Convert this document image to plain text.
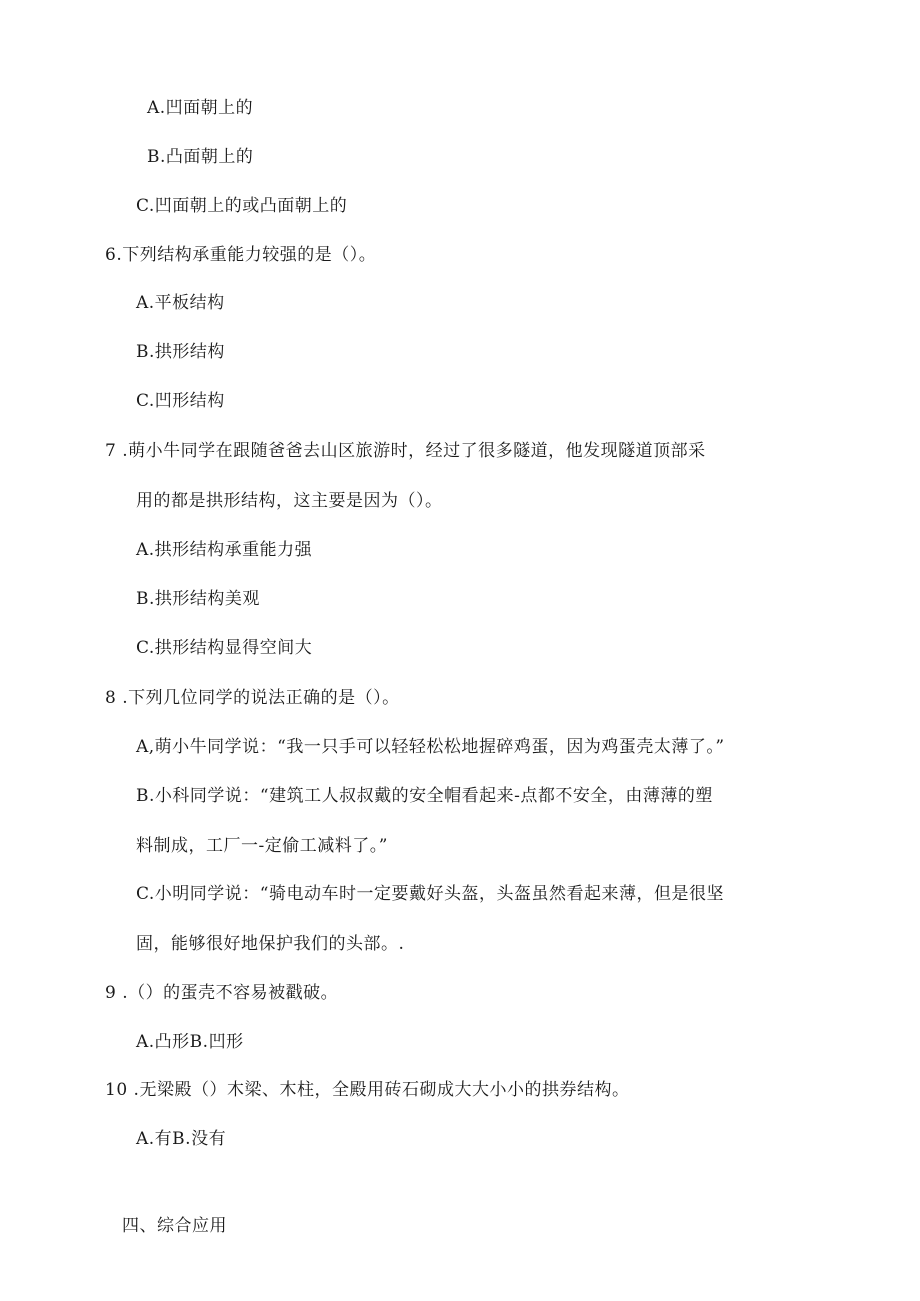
A.凹面朝上的
B.凸面朝上的
C.凹面朝上的或凸面朝上的
6.下列结构承重能力较强的是（）。
A.平板结构
B.拱形结构
C.凹形结构
7 .萌小牛同学在跟随爸爸去山区旅游时，经过了很多隧道，他发现隧道顶部采
用的都是拱形结构，这主要是因为（）。
A.拱形结构承重能力强
B.拱形结构美观
C.拱形结构显得空间大
8 .下列几位同学的说法正确的是（）。
A,萌小牛同学说：“我一只手可以轻轻松松地握碎鸡蛋，因为鸡蛋壳太薄了。”
B.小科同学说：“建筑工人叔叔戴的安全帽看起来-点都不安全，由薄薄的塑
料制成，工厂一-定偷工减料了。”
C.小明同学说：“骑电动车时一定要戴好头盔，头盔虽然看起来薄，但是很坚
固，能够很好地保护我们的头部。.
9 .（）的蛋壳不容易被戳破。
A.凸形B.凹形
10 .无梁殿（）木梁、木柱，全殿用砖石砌成大大小小的拱券结构。
A.有B.没有
四、综合应用
